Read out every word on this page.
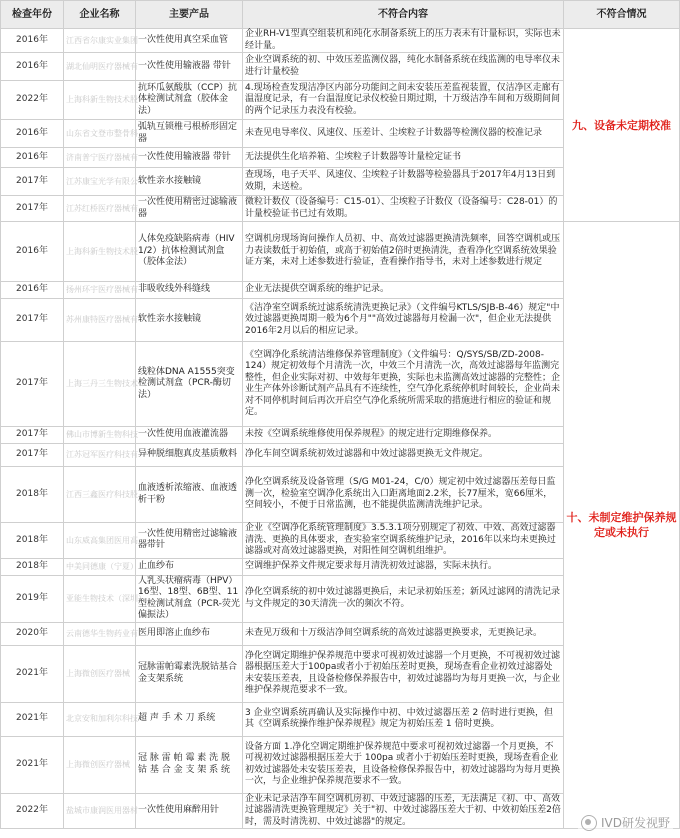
检查年份	企业名称	主要产品	不符合内容	不符合情况
2016年	江西省尔康实业集团	一次性使用真空采血管	企业RH-V1型真空组装机和纯化水制备系统上的压力表未有计量标识，实际也未经计量。	九、设备未定期校准
2016年	湖北仙明医疗器械有	一次性使用输液器 带针	企业空调系统的初、中效压差监测仪器，纯化水制备系统在线监测的电导率仪未进行计量校验	
2022年	上海科新生物技术股	抗环瓜氨酸肽（CCP）抗体检测试剂盒（胶体金法）	4.现场检查发现洁净区内部分功能间之间未安装压差监视装置，仅洁净区走廊有温湿度记录，有一台温湿度记录仪校验日期过期，十万级洁净车间和万级期间间的两个记录压力表没有校验。	
2016年	山东省文登市整骨科	弧轨互锁椎弓根桥形固定器	未查见电导率仪、风速仪、压差计、尘埃粒子计数器等检测仪器的校准记录	
2016年	济南普宁医疗器械有	一次性使用输液器 带针	无法提供生化培养箱、尘埃粒子计数器等计量检定证书	
2017年	江苏康宝光学有限公	软性亲水接触镜	查现场，电子天平、风速仪、尘埃粒子计数器等检验器具于2017年4月13日到效期，未送检。	
2017年	江苏红桥医疗器械有	一次性使用精密过滤输液器	微粒计数仪（设备编号：C15-01）、尘埃粒子计数仪（设备编号：C28-01）的计量校验证书已过有效期。	
2016年	上海科新生物技术股	人体免疫缺陷病毒（HIV 1/2）抗体检测试剂盒（胶体金法）	空调机房现场询问操作人员初、中、高效过滤器更换清洗频率，回答空调机或压力表读数低于初始值，或高于初始值2倍时更换清洗，查看净化空调系统效果验证方案，未对上述参数进行验证，查看操作指导书，未对上述参数进行规定	十、未制定维护保养规定或未执行
2016年	扬州环宇医疗器械有	非吸收线外科缝线	企业无法提供空调系统的维护记录。	
2017年	苏州康特医疗器械有	软性亲水接触镜	《洁净室空调系统过滤系统清洗更换记录》（文件编号KTLS/SJB-B-46）规定"中效过滤器更换周期一般为6个月""高效过滤器每月检漏一次"，但企业无法提供2016年2月以后的相应记录。	
2017年	上海三丹三生物技术	线粒体DNA A1555突变检测试剂盒（PCR-酶切法）	《空调净化系统清洁维修保养管理制度》（文件编号：Q/SYS/SB/ZD-2008-124）规定初效每个月清洗一次，中效三个月清洗一次，高效过滤器每年监测完整性，但企业实际对初、中效每年更换，实际也未监测高效过滤器的完整性；企业生产体外诊断试剂产品具有不连续性，空气净化系统停机时间较长，企业尚未对不同停机时间后再次开启空气净化系统所需采取的措施进行相应的验证和规定。	
2017年	佛山市博新生物科技	一次性使用血液灌流器	未按《空调系统维修使用保养规程》的规定进行定期维修保养。	
2017年	江苏冠军医疗科技有	异种脱细胞真皮基质敷料	净化车间空调系统初效过滤器和中效过滤器更换无文件规定。	
2018年	江西三鑫医疗科技股	血液透析浓缩液、血液透析干粉	净化空调系统及设备管理（S/G M01-24，C/0）规定初中效过滤器压差每日监测一次，检验室空调净化系统出入口距离地面2.2米，长77厘米，宽66厘米，空间较小，不便于日常监测，也不能提供监测清洗维护记录。	
2018年	山东威高集团医用高	一次性使用精密过滤输液器带针	企业《空调净化系统管理制度》3.5.3.1项分别规定了初效、中效、高效过滤器清洗、更换的具体要求，查实验室空调系统维护记录，2016年以来均未更换过滤器或对高效过滤器更换，对阳性间空调机组维护。	
2018年	中美同德康（宁夏）	止血纱布	空调维护保养文件规定要求每月清洗初效过滤器，实际未执行。	
2019年	亚能生物技术（深圳）	人乳头状瘤病毒（HPV）16型、18型、6B型、11型检测试剂盒（PCR-荧光偏振法）	净化空调系统的初中效过滤器更换后，未记录初始压差；新风过滤网的清洗记录与文件规定的30天清洗一次的频次不符。	
2020年	云南德华生物药业有	医用即溶止血纱布	未查见万级和十万级洁净间空调系统的高效过滤器更换要求，无更换记录。	
2021年	上海微创医疗器械	冠脉雷帕霉素洗脱钴基合金支架系统	净化空调定期维护保养规范中要求可视初效过滤器一个月更换，不可视初效过滤器根据压差大于100pa或者小于初始压差时更换，现场查看企业初效过滤器处未安装压差表，且设备检修保养报告中，初效过滤器均为每月更换一次，与企业维护保养规范要求不一致。	
2021年	北京安和加利尔科技	超 声 手 术 刀 系统	3 企业空调系统再确认及实际操作中初、中效过滤器压差 2 倍时进行更换，但其《空调系统操作维护保养规程》规定为初始压差 1 倍时更换。	
2021年	上海微创医疗器械	冠 脉 雷 帕 霉 素 洗 脱 钴 基 合 金 支 架 系 统	设备方面 1.净化空调定期维护保养规范中要求可视初效过滤器一个月更换，不可视初效过滤器根据压差大于 100pa 或者小于初始压差时更换，现场查看企业初效过滤器处未安装压差表，且设备检修保养报告中，初效过滤器均为每月更换一次，与企业维护保养规范要求不一致。	
2022年	盐城市康润医用器材	一次性使用麻醉用针	企业未记录洁净车间空调机房初、中效过滤器的压差，无法满足《初、中、高效过滤器清洗更换管理规定》关于"初、中效过滤器压差大于初、中效初始压差2倍时，需及时清洗初、中效过滤器"的规定。		IVD研发视野
